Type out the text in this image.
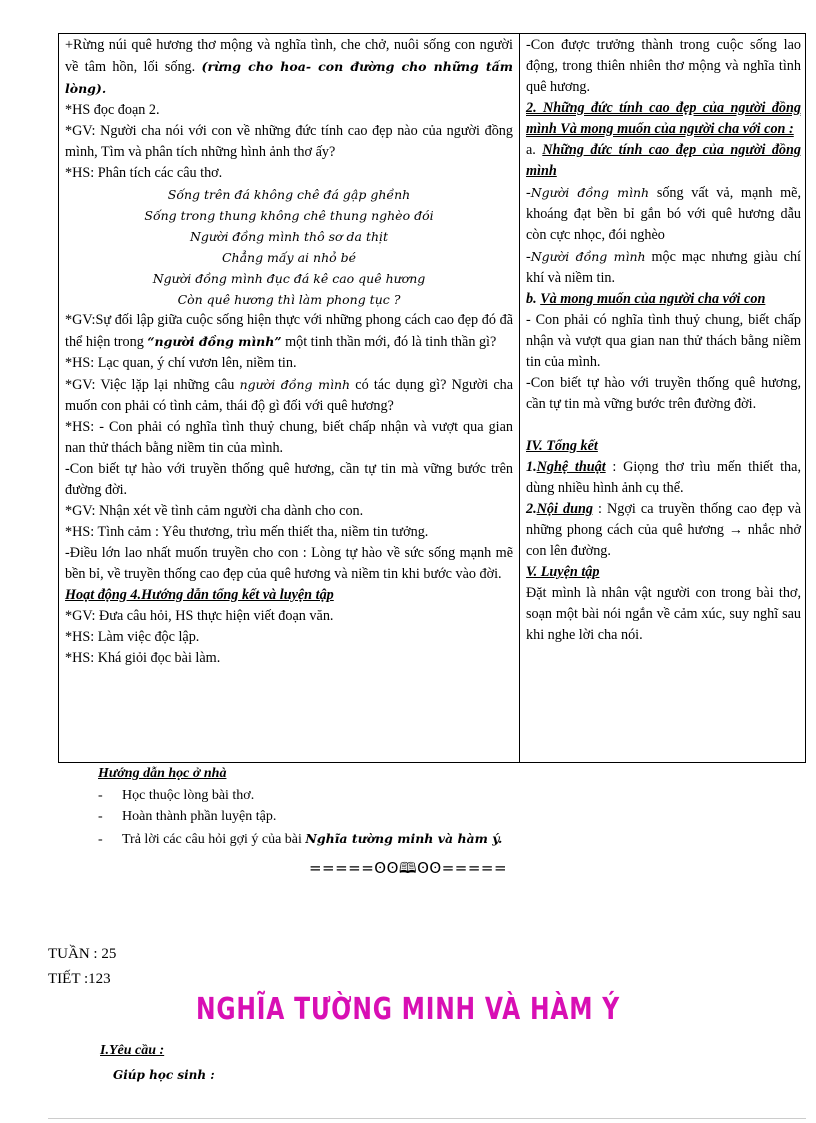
+Rừng núi quê hương thơ mộng và nghĩa tình, che chở, nuôi sống con người về tâm hồn, lối sống. (rừng cho hoa- con đường cho những tấm lòng).

*HS đọc đoạn 2.

*GV: Người cha nói với con về những đức tính cao đẹp nào của người đồng mình, Tìm và phân tích những hình ảnh thơ ấy?

*HS: Phân tích các câu thơ.

Sống trên đá không chê đá gập ghềnh

Sống trong thung không chê thung nghèo đói

Người đồng mình thô sơ da thịt

Chẳng mấy ai nhỏ bé

Người đồng mình đục đá kê cao quê hương

Còn quê hương thì làm phong tục ?

*GV:Sự đối lập giữa cuộc sống hiện thực với những phong cách cao đẹp đó đã thể hiện trong “người đồng mình” một tinh thần mới, đó là tinh thần gì?

*HS: Lạc quan, ý chí vươn lên, niềm tin.

*GV: Việc lặp lại những câu người đồng mình có tác dụng gì? Người cha muốn con phải có tình cảm, thái độ gì đối với quê hương?

*HS: - Con phải có nghĩa tình thuỷ chung, biết chấp nhận và vượt qua gian nan thử thách bằng niềm tin của mình.

-Con biết tự hào với truyền thống quê hương, cần tự tin mà vững bước trên đường đời.

*GV: Nhận xét về tình cảm người cha dành cho con.

*HS: Tình cảm : Yêu thương, trìu mến thiết tha, niềm tin tưởng.

-Điều lớn lao nhất muốn truyền cho con : Lòng tự hào về sức sống mạnh mẽ bền bỉ, về truyền thống cao đẹp của quê hương và niềm tin khi bước vào đời.

Hoạt động 4.Hướng dẫn tổng kết và luyện tập

*GV: Đưa câu hỏi, HS thực hiện viết đoạn văn.

*HS: Làm việc độc lập.

*HS: Khá giỏi đọc bài làm.

-Con được trưởng thành trong cuộc sống lao động, trong thiên nhiên thơ mộng và nghĩa tình quê hương.

2. Những đức tính cao đẹp của người đồng mình Và mong muốn của người cha với con :

a. Những đức tính cao đẹp của người đồng mình

-Người đồng mình sống vất vả, mạnh mẽ, khoáng đạt bền bỉ gắn bó với quê hương dẫu còn cực nhọc, đói nghèo

-Người đồng mình mộc mạc nhưng giàu chí khí và niềm tin.

b. Và mong muốn của người cha với con

- Con phải có nghĩa tình thuỷ chung, biết chấp nhận và vượt qua gian nan thử thách bằng niềm tin của mình.

-Con biết tự hào với truyền thống quê hương, cần tự tin mà vững bước trên đường đời.

IV. Tổng kết

1.Nghệ thuật : Giọng thơ trìu mến thiết tha, dùng nhiều hình ảnh cụ thể.

2.Nội dung : Ngợi ca truyền thống cao đẹp và những phong cách của quê hương → nhắc nhở con lên đường.

V. Luyện tập

Đặt mình là nhân vật người con trong bài thơ, soạn một bài nói ngắn về cảm xúc, suy nghĩ sau khi nghe lời cha nói.

Hướng dẫn học ở nhà
- Học thuộc lòng bài thơ.
- Hoàn thành phần luyện tập.
- Trả lời các câu hỏi gợi ý của bài Nghĩa tường minh và hàm ý.
=====ʘʘ🕮ʘʘ=====
TUẦN : 25
TIẾT :123
NGHĨA TƯỜNG MINH VÀ HÀM Ý
I.Yêu cầu :
Giúp học sinh :
